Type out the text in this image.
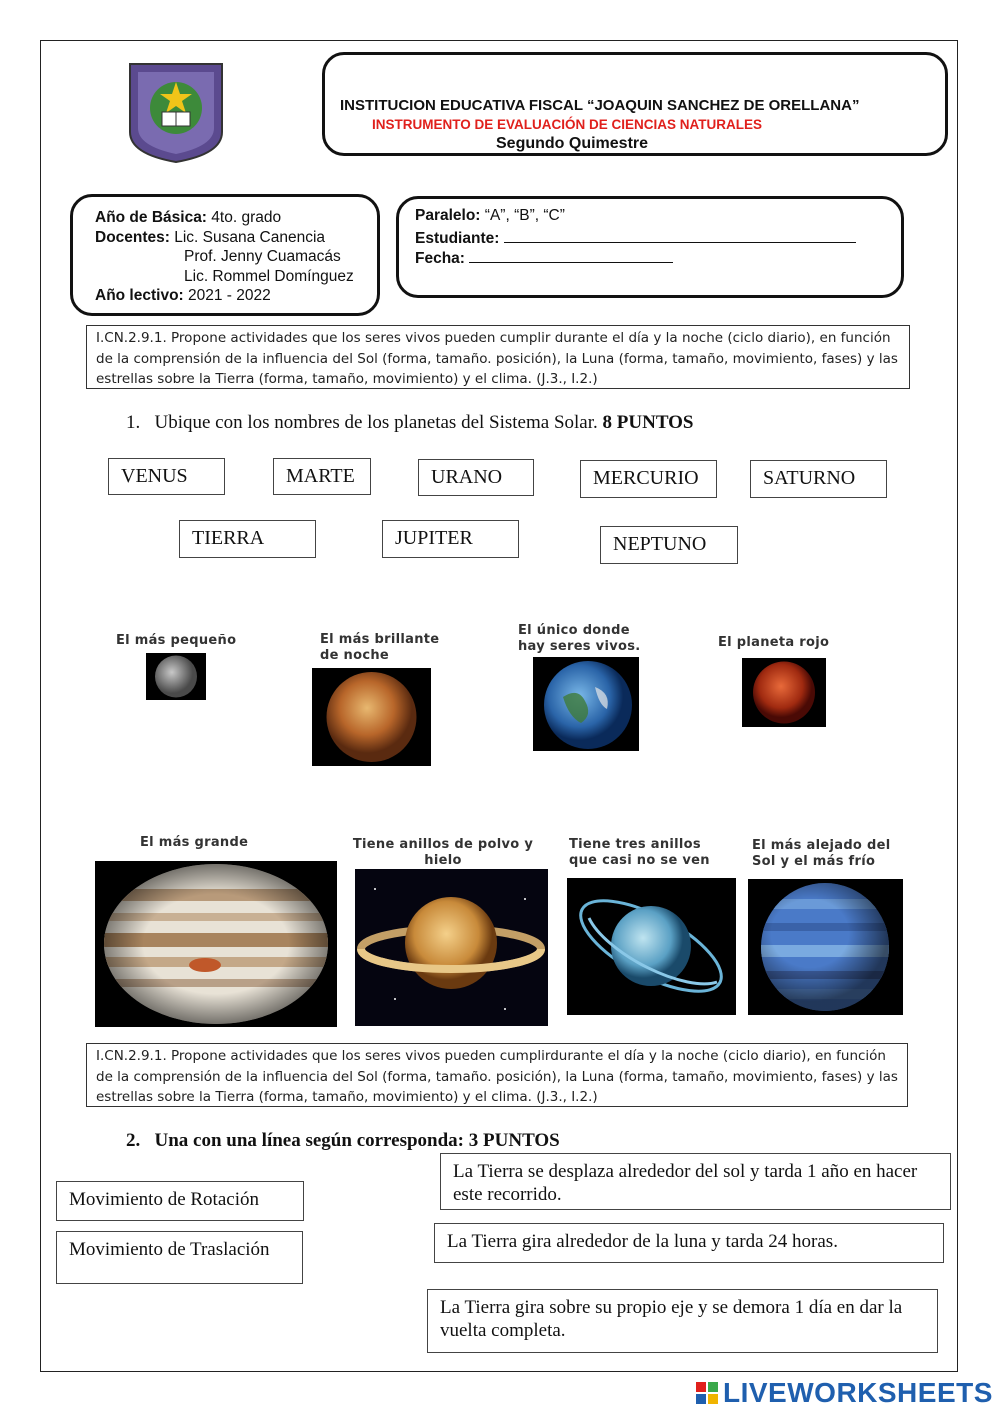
INSTITUCION EDUCATIVA FISCAL “JOAQUIN SANCHEZ DE ORELLANA”
INSTRUMENTO DE EVALUACIÓN DE CIENCIAS NATURALES
Segundo Quimestre
Año de Básica: 4to. grado
Docentes: Lic. Susana Canencia
Prof. Jenny Cuamacás
Lic. Rommel Domínguez
Año lectivo: 2021 - 2022
Paralelo: “A”, “B”, “C”
Estudiante:
Fecha:
I.CN.2.9.1. Propone actividades que los seres vivos pueden cumplir durante el día y la noche (ciclo diario), en función de la comprensión de la influencia del Sol (forma, tamaño. posición), la Luna (forma, tamaño, movimiento, fases) y las estrellas sobre la Tierra (forma, tamaño, movimiento) y el clima. (J.3., I.2.)
1. Ubique con los nombres de los planetas del Sistema Solar. 8 PUNTOS
VENUS	MARTE	URANO	MERCURIO	SATURNO
TIERRA	JUPITER	NEPTUNO
El más pequeño	El más brillante de noche
El único donde hay seres vivos.	El planeta rojo
El más grande	Tiene anillos de polvo y hielo
Tiene tres anillos que casi no se ven
El más alejado del Sol y el más frío
I.CN.2.9.1. Propone actividades que los seres vivos pueden cumplirdurante el día y la noche (ciclo diario), en función de la comprensión de la influencia del Sol (forma, tamaño. posición), la Luna (forma, tamaño, movimiento, fases) y las estrellas sobre la Tierra (forma, tamaño, movimiento) y el clima. (J.3., I.2.)
2. Una con una línea según corresponda: 3 PUNTOS
Movimiento de Rotación
Movimiento de Traslación
La Tierra se desplaza alrededor del sol y tarda 1 año en hacer este recorrido.
La Tierra gira alrededor de la luna y tarda 24 horas.
La Tierra gira sobre su propio eje y se demora 1 día en dar la vuelta completa.
LIVEWORKSHEETS
